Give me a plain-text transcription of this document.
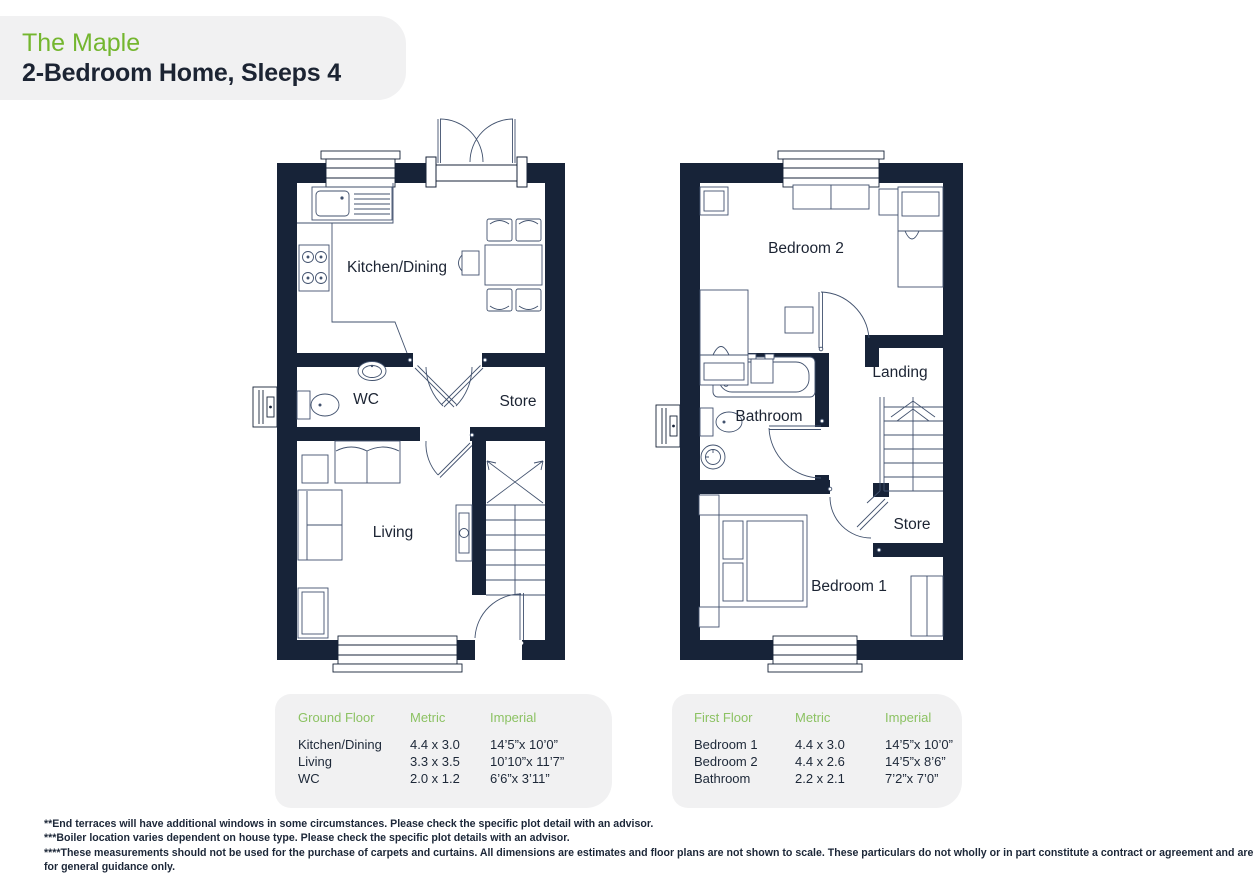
The Maple
2-Bedroom Home, Sleeps 4
Kitchen/Dining
WC	Store
Living
Bedroom 2
Landing
Bathroom
Store
Bedroom 1
Ground Floor	Metric	Imperial
Kitchen/Dining	4.4 x 3.0	14’5”x 10’0”
Living	3.3 x 3.5	10’10”x 11’7”
WC	2.0 x 1.2	6’6”x 3’11”
First Floor	Metric	Imperial
Bedroom 1	4.4 x 3.0	14’5”x 10’0”
Bedroom 2	4.4 x 2.6	14’5”x 8’6”
Bathroom	2.2 x 2.1	7’2”x 7’0”
**End terraces will have additional windows in some circumstances. Please check the specific plot detail with an advisor.
***Boiler location varies dependent on house type. Please check the specific plot details with an advisor.
****These measurements should not be used for the purchase of carpets and curtains. All dimensions are estimates and floor plans are not shown to scale. These particulars do not wholly or in part constitute a contract or agreement and are for general guidance only.
